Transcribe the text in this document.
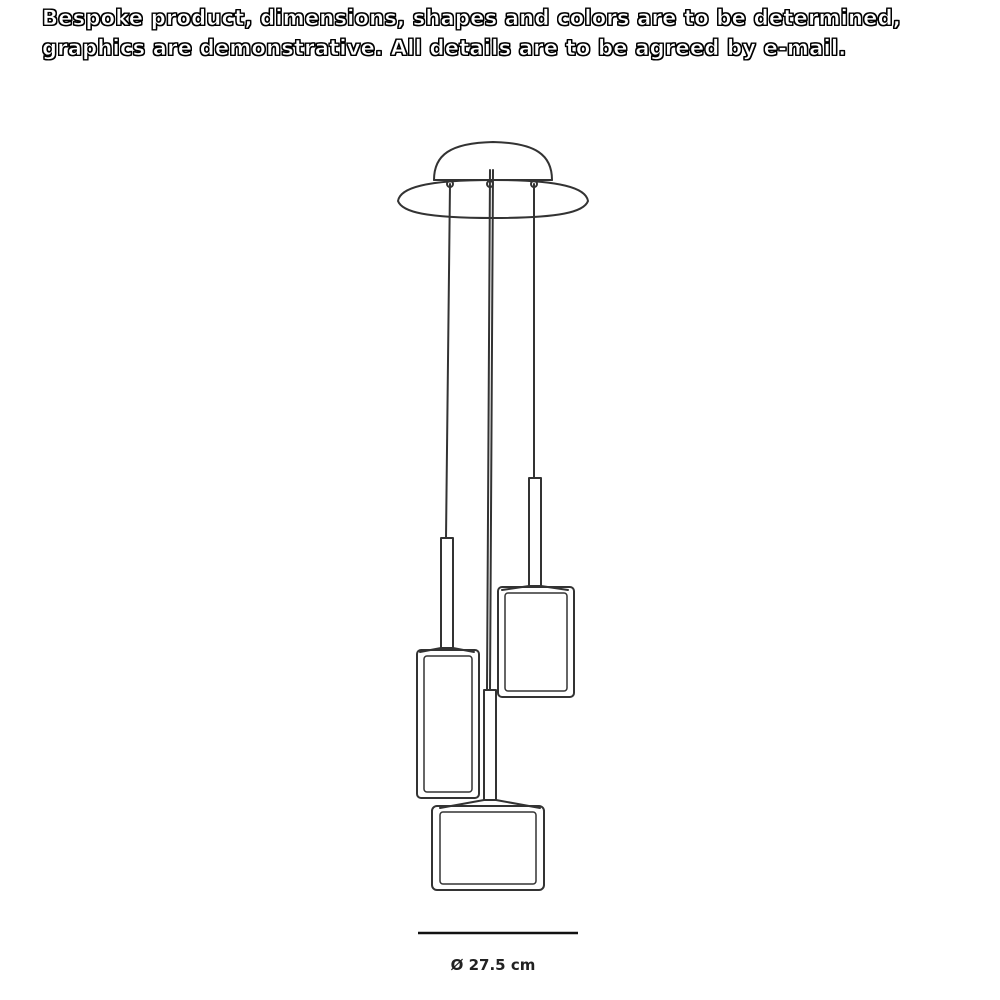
Bespoke product, dimensions, shapes and colors are to be determined, graphics are demonstrative. All details are to be agreed by e-mail.

Ø 27.5 cm
